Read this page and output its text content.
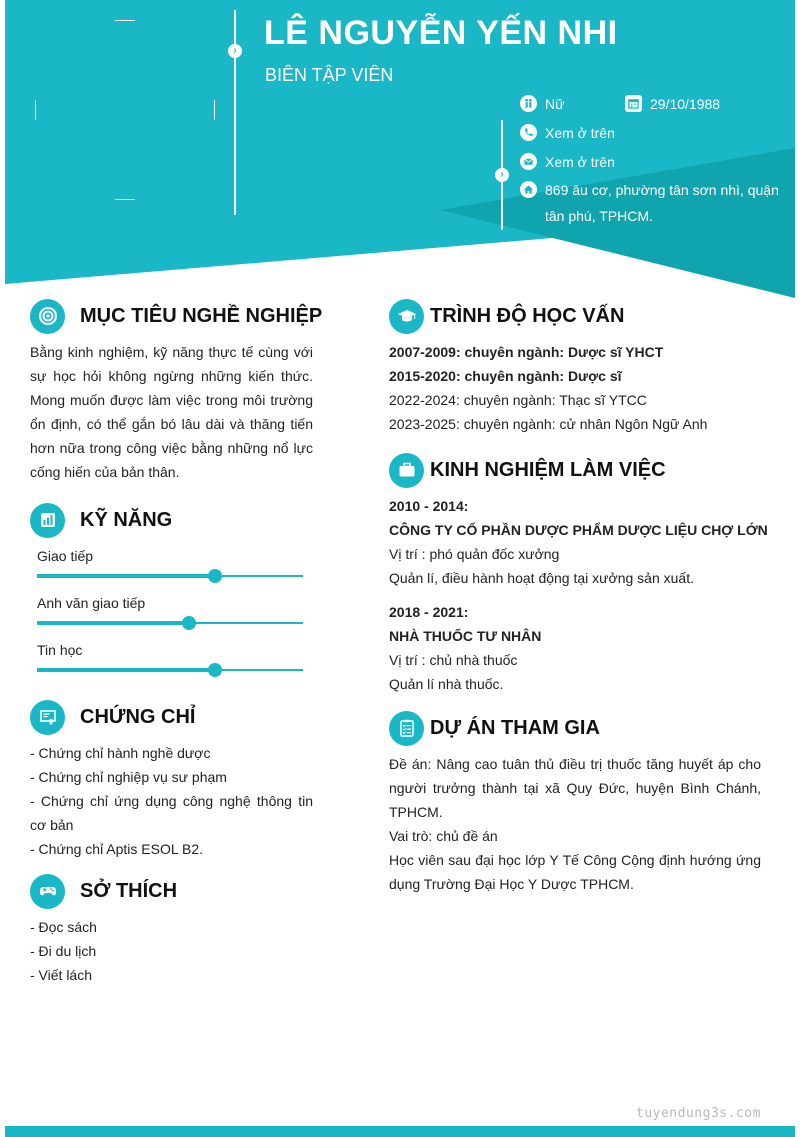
›
›
LÊ NGUYỄN YẾN NHI
BIÊN TẬP VIÊN
Nữ	29/10/1988
Xem ở trên
Xem ở trên
869 âu cơ, phường tân sơn nhì, quận tân phú, TPHCM.
MỤC TIÊU NGHỀ NGHIỆP
Bằng kinh nghiệm, kỹ năng thực tế cùng với sự học hỏi không ngừng những kiến thức. Mong muốn được làm việc trong môi trường ổn định, có thể gắn bó lâu dài và thăng tiến hơn nữa trong công việc bằng những nổ lực cống hiến của bản thân.
KỸ NĂNG
Giao tiếp
Anh văn giao tiếp
Tin học
CHỨNG CHỈ
- Chứng chỉ hành nghề dược
- Chứng chỉ nghiệp vụ sư phạm
- Chứng chỉ ứng dụng công nghệ thông tin cơ bản
- Chứng chỉ Aptis ESOL B2.
SỞ THÍCH
- Đọc sách
- Đi du lịch
- Viết lách
TRÌNH ĐỘ HỌC VẤN
2007-2009: chuyên ngành: Dược sĩ YHCT
2015-2020: chuyên ngành: Dược sĩ
2022-2024: chuyên ngành: Thạc sĩ YTCC
2023-2025: chuyên ngành: cử nhân Ngôn Ngữ Anh
KINH NGHIỆM LÀM VIỆC
2010 - 2014:
CÔNG TY CỔ PHẦN DƯỢC PHẨM DƯỢC LIỆU CHỢ LỚN
Vị trí : phó quản đốc xưởng
Quản lí, điều hành hoạt động tại xưởng sản xuất.
2018 - 2021:
NHÀ THUỐC TƯ NHÂN
Vị trí : chủ nhà thuốc
Quản lí nhà thuốc.
DỰ ÁN THAM GIA
Đề án: Nâng cao tuân thủ điều trị thuốc tăng huyết áp cho người trưởng thành tại xã Quy Đức, huyện Bình Chánh, TPHCM.
Vai trò: chủ đề án
Học viên sau đại học lớp Y Tế Công Cộng định hướng ứng dụng Trường Đại Học Y Dược TPHCM.
tuyendung3s.com
